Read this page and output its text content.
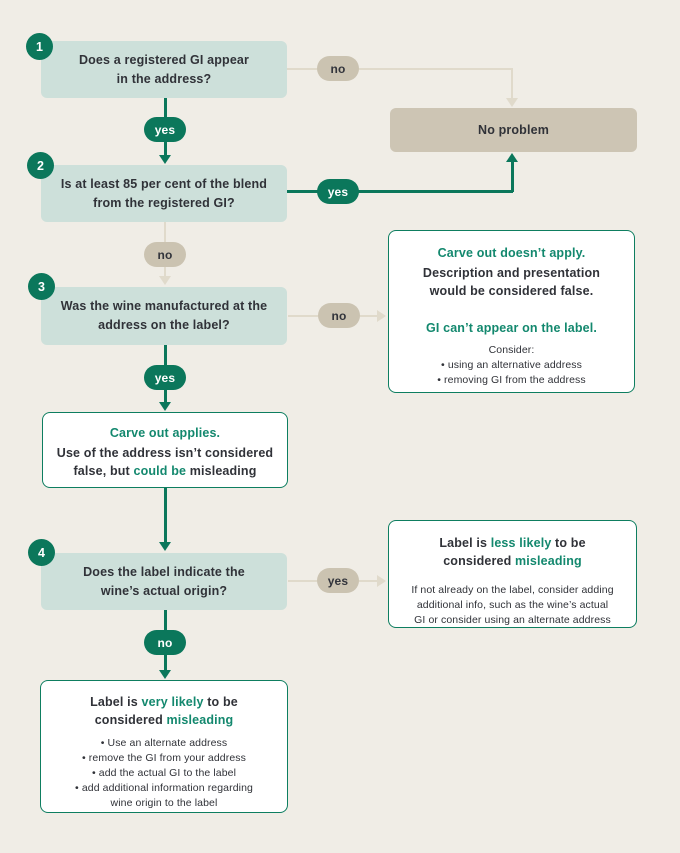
Does a registered GI appear
in the address?
Is at least 85 per cent of the blend
from the registered GI?
Was the wine manufactured at the
address on the label?
Does the label indicate the
wine’s actual origin?
1
2
3
4
no
yes
yes
no
no
yes
yes
no
No problem
Carve out doesn’t apply.
Description and presentation
would be considered false.
GI can’t appear on the label.
Consider:
• using an alternative address
• removing GI from the address
Carve out applies.
Use of the address isn’t considered
false, but could be misleading
Label is less likely to be
considered misleading
If not already on the label, consider adding
additional info, such as the wine’s actual
GI or consider using an alternate address
Label is very likely to be
considered misleading
• Use an alternate address
• remove the GI from your address
• add the actual GI to the label
• add additional information regarding
wine origin to the label
